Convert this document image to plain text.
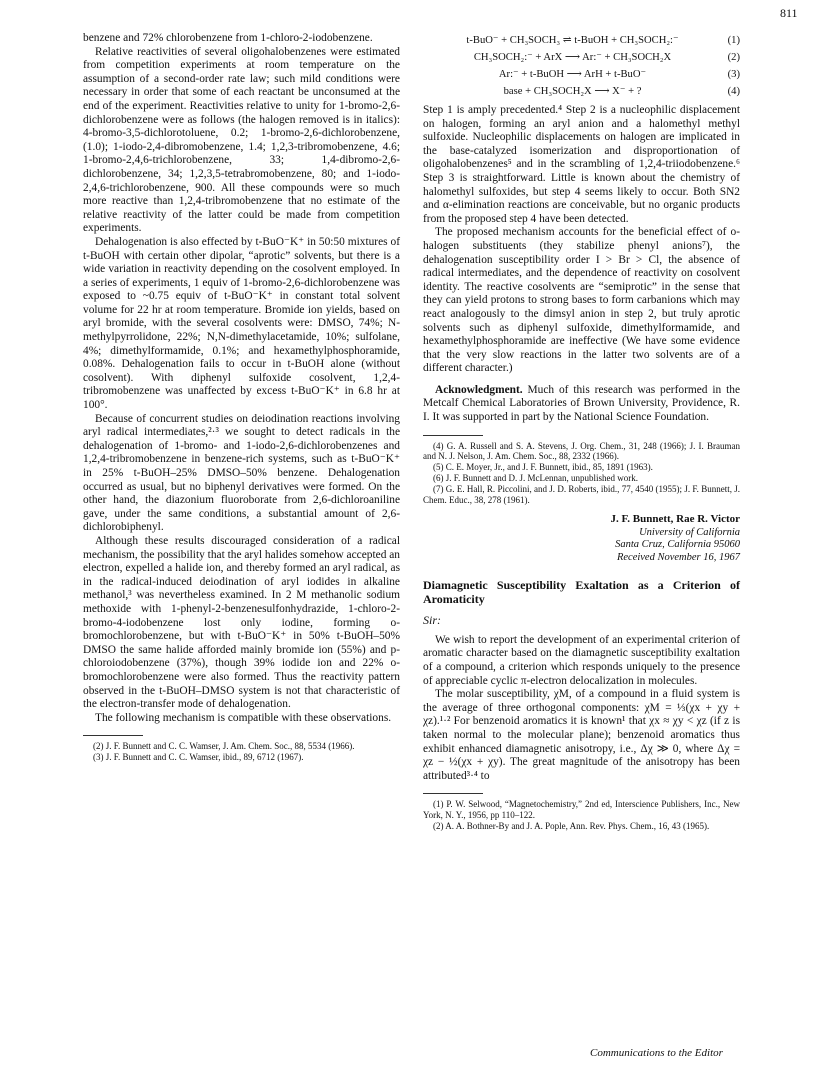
811

benzene and 72% chlorobenzene from 1-chloro-2-iodobenzene.

Relative reactivities of several oligohalobenzenes were estimated from competition experiments at room temperature on the assumption of a second-order rate law; such mild conditions were necessary in order that some of each reactant be unconsumed at the end of the experiment. Reactivities relative to unity for 1-bromo-2,6-dichlorobenzene were as follows (the halogen removed is in italics): 4-bromo-3,5-dichlorotoluene, 0.2; 1-bromo-2,6-dichlorobenzene, (1.0); 1-iodo-2,4-dibromobenzene, 1.4; 1,2,3-tribromobenzene, 4.6; 1-bromo-2,4,6-trichlorobenzene, 33; 1,4-dibromo-2,6-dichlorobenzene, 34; 1,2,3,5-tetrabromobenzene, 80; and 1-iodo-2,4,6-trichlorobenzene, 900. All these compounds were so much more reactive than 1,2,4-tribromobenzene that no estimate of the relative reactivity of the latter could be made from competition experiments.

Dehalogenation is also effected by t-BuO⁻K⁺ in 50:50 mixtures of t-BuOH with certain other dipolar, “aprotic” solvents, but there is a wide variation in reactivity depending on the cosolvent employed. In a series of experiments, 1 equiv of 1-bromo-2,6-dichlorobenzene was exposed to ~0.75 equiv of t-BuO⁻K⁺ in constant total solvent volume for 22 hr at room temperature. Bromide ion yields, based on aryl bromide, with the several cosolvents were: DMSO, 74%; N-methylpyrrolidone, 22%; N,N-dimethylacetamide, 10%; sulfolane, 4%; dimethylformamide, 0.1%; and hexamethylphosphoramide, 0.08%. Dehalogenation fails to occur in t-BuOH alone (without cosolvent). With diphenyl sulfoxide cosolvent, 1,2,4-tribromobenzene was unaffected by excess t-BuO⁻K⁺ in 6.8 hr at 100°.

Because of concurrent studies on deiodination reactions involving aryl radical intermediates,²·³ we sought to detect radicals in the dehalogenation of 1-bromo- and 1-iodo-2,6-dichlorobenzenes and 1,2,4-tribromobenzene in benzene-rich systems, such as t-BuO⁻K⁺ in 25% t-BuOH–25% DMSO–50% benzene. Dehalogenation occurred as usual, but no biphenyl derivatives were formed. On the other hand, the diazonium fluoroborate from 2,6-dichloroaniline gave, under the same conditions, a substantial amount of 2,6-dichlorobiphenyl.

Although these results discouraged consideration of a radical mechanism, the possibility that the aryl halides somehow accepted an electron, expelled a halide ion, and thereby formed an aryl radical, as in the radical-induced deiodination of aryl iodides in alkaline methanol,³ was nevertheless examined. In 2 M methanolic sodium methoxide with 1-phenyl-2-benzenesulfonhydrazide, 1-chloro-2-bromo-4-iodobenzene lost only iodine, forming o-bromochlorobenzene, but with t-BuO⁻K⁺ in 50% t-BuOH–50% DMSO the same halide afforded mainly bromide ion (55%) and p-chloroiodobenzene (37%), though 39% iodide ion and 22% o-bromochlorobenzene were also formed. Thus the reactivity pattern observed in the t-BuOH–DMSO system is not that characteristic of the electron-transfer mode of dehalogenation.

The following mechanism is compatible with these observations.

(2) J. F. Bunnett and C. C. Wamser, J. Am. Chem. Soc., 88, 5534 (1966).
(3) J. F. Bunnett and C. C. Wamser, ibid., 89, 6712 (1967).
t-BuO⁻ + CH₃SOCH₃ ⇌ t-BuOH + CH₃SOCH₂:⁻	(1)
CH₃SOCH₂:⁻ + ArX ⟶ Ar:⁻ + CH₃SOCH₂X	(2)
Ar:⁻ + t-BuOH ⟶ ArH + t-BuO⁻	(3)
base + CH₃SOCH₂X ⟶ X⁻ + ?	(4)

Step 1 is amply precedented.⁴ Step 2 is a nucleophilic displacement on halogen, forming an aryl anion and a halomethyl methyl sulfoxide. Nucleophilic displacements on halogen are implicated in the base-catalyzed isomerization and disproportionation of oligohalobenzenes⁵ and in the scrambling of 1,2,4-triiodobenzene.⁶ Step 3 is straightforward. Little is known about the chemistry of halomethyl sulfoxides, but step 4 seems likely to occur. Both SN2 and α-elimination reactions are conceivable, but no organic products from the proposed step 4 have been detected.

The proposed mechanism accounts for the beneficial effect of o-halogen substituents (they stabilize phenyl anions⁷), the dehalogenation susceptibility order I > Br > Cl, the absence of radical intermediates, and the dependence of reactivity on cosolvent identity. The reactive cosolvents are “semiprotic” in the sense that they can yield protons to strong bases to form carbanions which may react analogously to the dimsyl anion in step 2, but truly aprotic solvents such as diphenyl sulfoxide, dimethylformamide, and hexamethylphosphoramide are ineffective (We have some evidence that the very slow reactions in the latter two solvents are of a different character.)

Acknowledgment. Much of this research was performed in the Metcalf Chemical Laboratories of Brown University, Providence, R. I. It was supported in part by the National Science Foundation.

(4) G. A. Russell and S. A. Stevens, J. Org. Chem., 31, 248 (1966); J. I. Brauman and N. J. Nelson, J. Am. Chem. Soc., 88, 2332 (1966).
(5) C. E. Moyer, Jr., and J. F. Bunnett, ibid., 85, 1891 (1963).
(6) J. F. Bunnett and D. J. McLennan, unpublished work.
(7) G. E. Hall, R. Piccolini, and J. D. Roberts, ibid., 77, 4540 (1955); J. F. Bunnett, J. Chem. Educ., 38, 278 (1961).
J. F. Bunnett, Rae R. Victor
University of California
Santa Cruz, California 95060
Received November 16, 1967
Diamagnetic Susceptibility Exaltation as a Criterion of Aromaticity
Sir:

We wish to report the development of an experimental criterion of aromatic character based on the diamagnetic susceptibility exaltation of a compound, a criterion which responds uniquely to the presence of appreciable cyclic π-electron delocalization in molecules.

The molar susceptibility, χM, of a compound in a fluid system is the average of three orthogonal components: χM = ⅓(χx + χy + χz).¹·² For benzenoid aromatics it is known¹ that χx ≈ χy < χz (if z is taken normal to the molecular plane); benzenoid aromatics thus exhibit enhanced diamagnetic anisotropy, i.e., Δχ ≫ 0, where Δχ = χz − ½(χx + χy). The great magnitude of the anisotropy has been attributed³·⁴ to

(1) P. W. Selwood, “Magnetochemistry,” 2nd ed, Interscience Publishers, Inc., New York, N. Y., 1956, pp 110–122.
(2) A. A. Bothner-By and J. A. Pople, Ann. Rev. Phys. Chem., 16, 43 (1965).
Communications to the Editor
